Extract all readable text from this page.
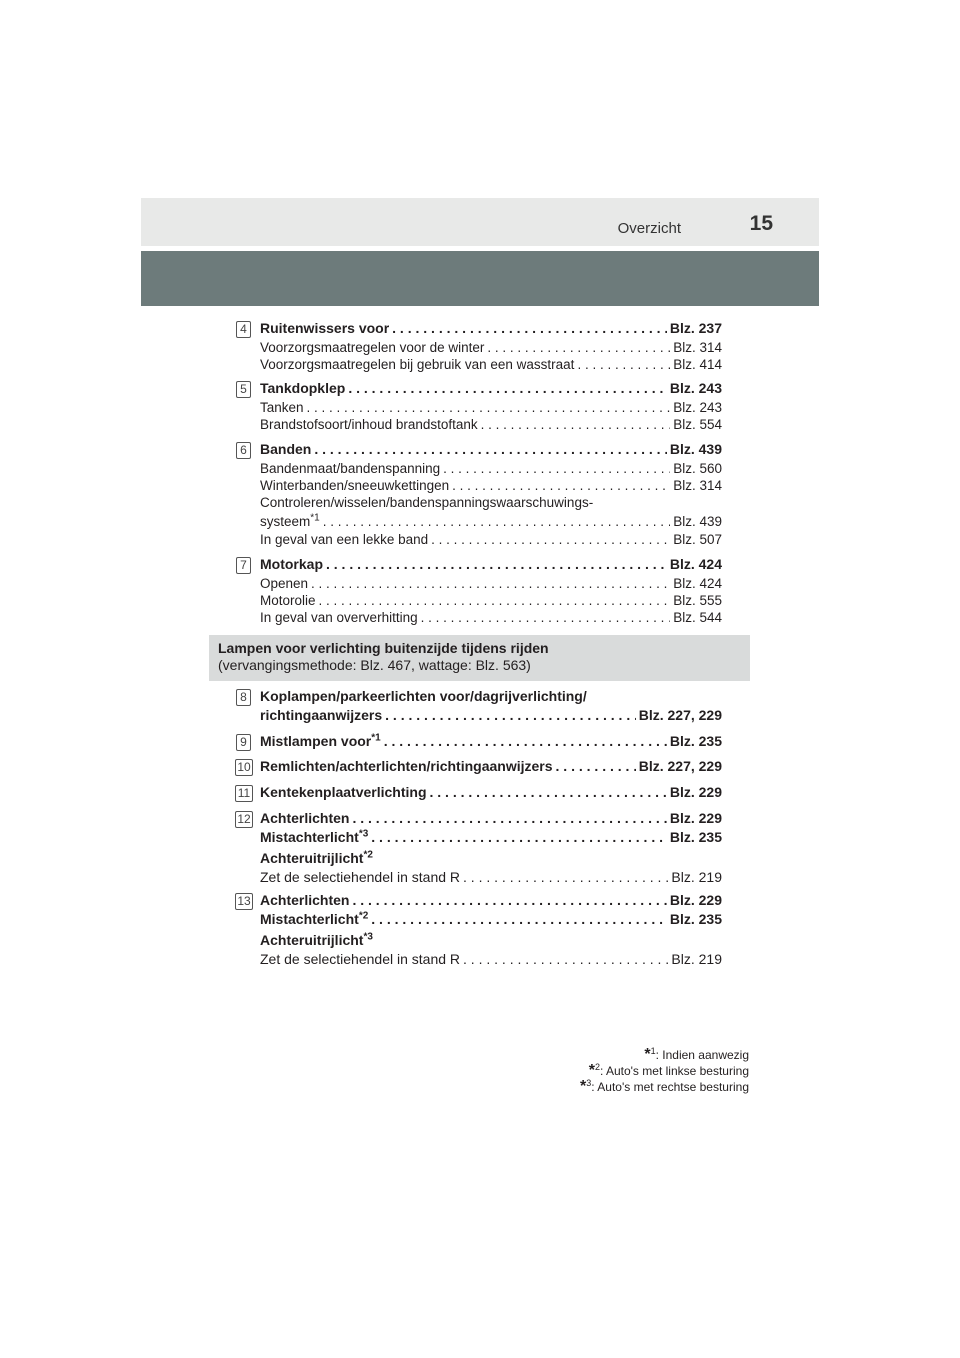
Overzicht	15
4 Ruitenwissers voor . . .	Blz. 237
Voorzorgsmaatregelen voor de winter . . .	Blz. 314
Voorzorgsmaatregelen bij gebruik van een wasstraat . . .	Blz. 414
5 Tankdopklep . . .	Blz. 243
Tanken . . .	Blz. 243
Brandstofsoort/inhoud brandstoftank . . .	Blz. 554
6 Banden . . .	Blz. 439
Bandenmaat/bandenspanning . . .	Blz. 560
Winterbanden/sneeuwkettingen . . .	Blz. 314
Controleren/wisselen/bandenspanningswaarschuwings-
systeem$^{*1}$ . . .	Blz. 439
In geval van een lekke band . . .	Blz. 507
7 Motorkap . . .	Blz. 424
Openen . . .	Blz. 424
Motorolie . . .	Blz. 555
In geval van oververhitting . . .	Blz. 544
Lampen voor verlichting buitenzijde tijdens rijden
(vervangingsmethode: Blz. 467, wattage: Blz. 563)
8 Koplampen/parkeerlichten voor/dagrijverlichting/
richtingaanwijzers . . .	Blz. 227, 229
9 Mistlampen voor$^{*1}$ . . .	Blz. 235
10 Remlichten/achterlichten/richtingaanwijzers . . .	Blz. 227, 229
11 Kentekenplaatverlichting . . .	Blz. 229
12 Achterlichten . . .	Blz. 229
Mistachterlicht$^{*3}$ . . .	Blz. 235
Achteruitrijlicht$^{*2}$
Zet de selectiehendel in stand R . . .	Blz. 219
13 Achterlichten . . .	Blz. 229
Mistachterlicht$^{*2}$ . . .	Blz. 235
Achteruitrijlicht$^{*3}$
Zet de selectiehendel in stand R . . .	Blz. 219
*$^1$: Indien aanwezig
*$^2$: Auto's met linkse besturing
*$^3$: Auto's met rechtse besturing
